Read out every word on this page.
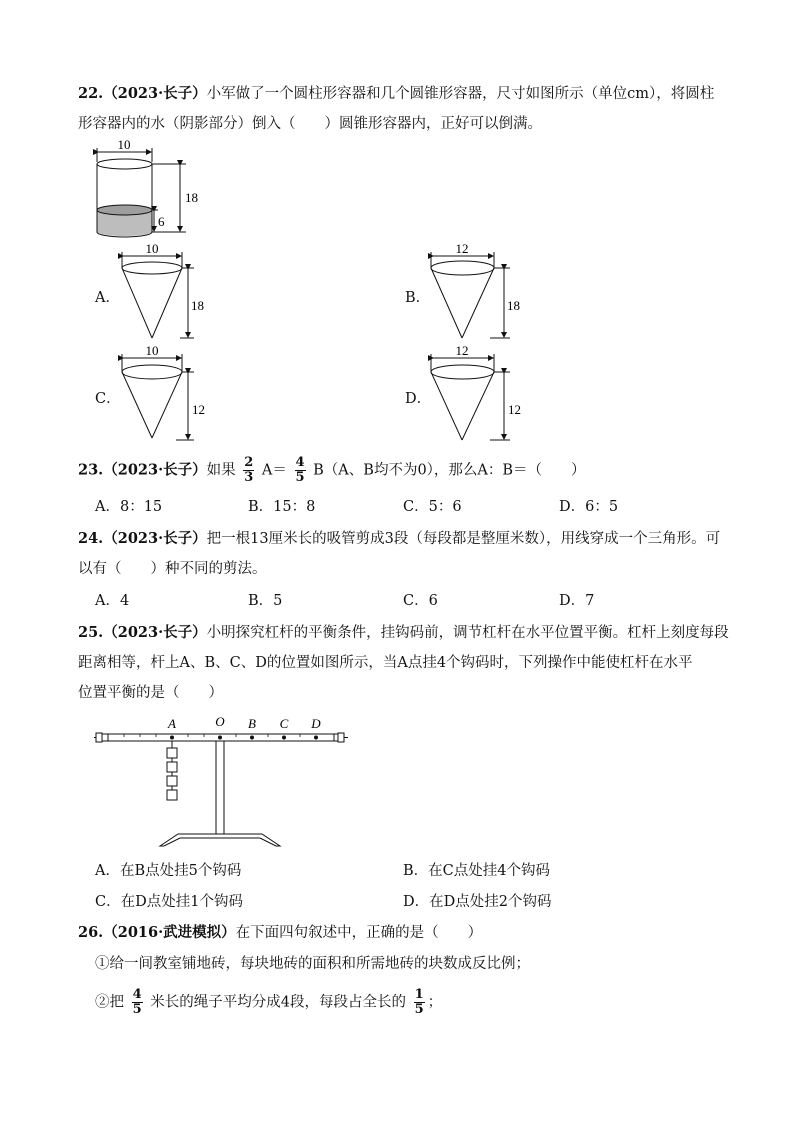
22.（2023·长子）小军做了一个圆柱形容器和几个圆锥形容器，尺寸如图所示（单位cm），将圆柱
形容器内的水（阴影部分）倒入（　　）圆锥形容器内，正好可以倒满。
10
18
6
A．
10
18	B．
12
18
C．
10
12
D．
12
12
23.（2023·长子）如果 $\frac{2}{3} A= \frac{4}{5} B(A$、B均不为0），那么A：B＝（　　）
A．8：15	B．15：8	C．5：6	D．6：5
24.（2023·长子）把一根13厘米长的吸管剪成3段（每段都是整厘米数），用线穿成一个三角形。可
以有（　　）种不同的剪法。
A．4	B．5	C．6	D．7
25.（2023·长子）小明探究杠杆的平衡条件，挂钩码前，调节杠杆在水平位置平衡。杠杆上刻度每段
距离相等，杆上A、B、C、D的位置如图所示，当A点挂4个钩码时，下列操作中能使杠杆在水平
位置平衡的是（　　）
A	O B C D
A．在B点处挂5个钩码	B．在C点处挂4个钩码
C．在D点处挂1个钩码	D．在D点处挂2个钩码
26.（2016·武进模拟）在下面四句叙述中，正确的是（　　）
①给一间教室铺地砖，每块地砖的面积和所需地砖的块数成反比例；
②把 $\frac{4}{5}$ 米长的绳子平均分成4段，每段占全长的 $\frac{1}{5}$ ；
